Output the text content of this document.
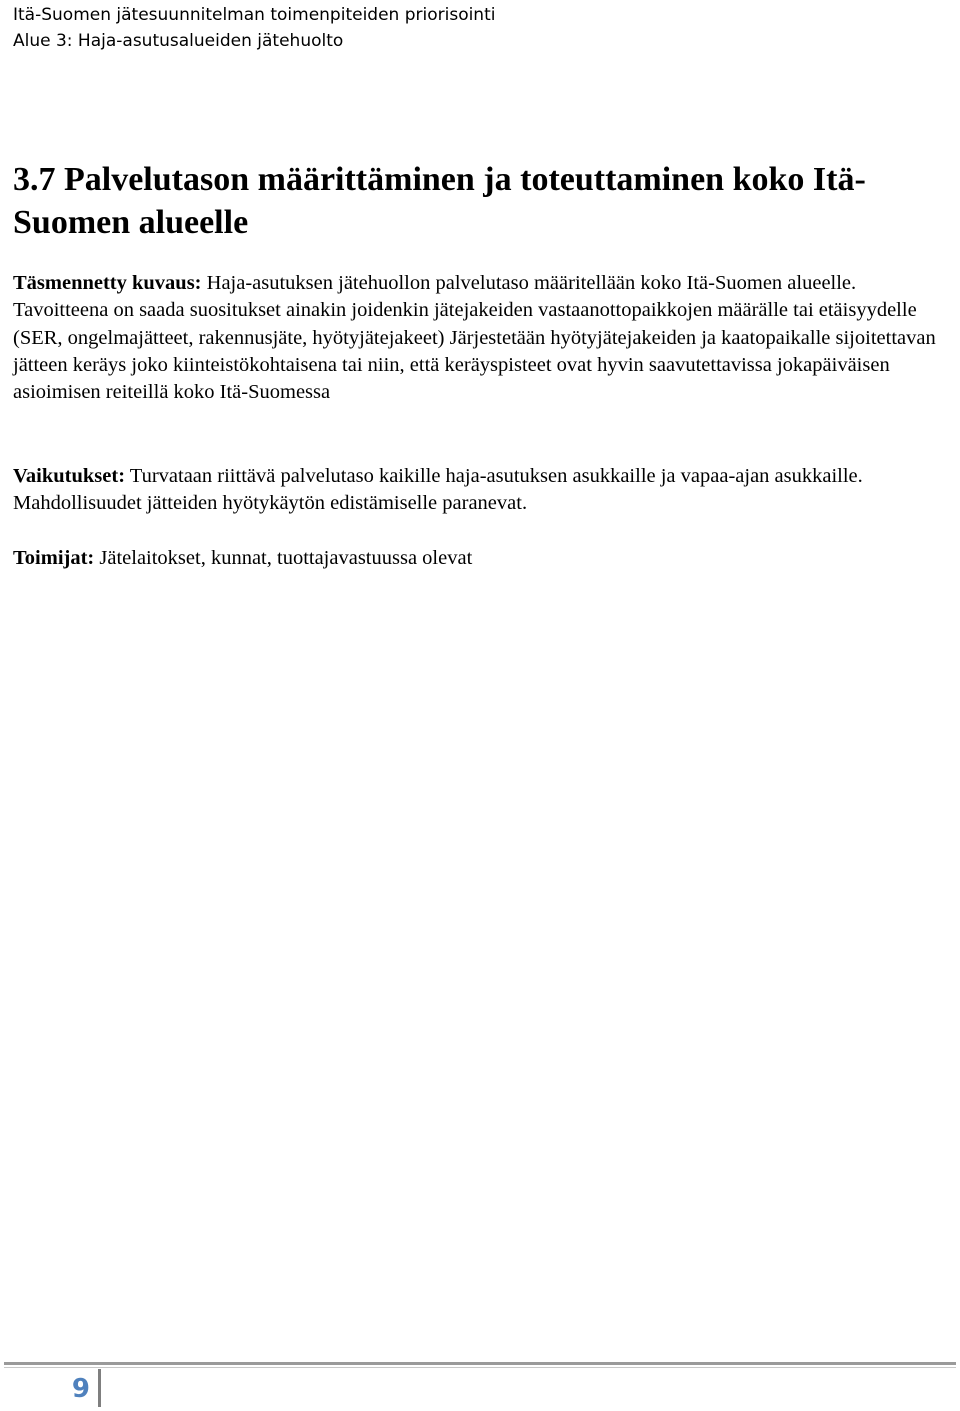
Itä-Suomen jätesuunnitelman toimenpiteiden priorisointi
Alue 3: Haja-asutusalueiden jätehuolto
3.7 Palvelutason määrittäminen ja toteuttaminen koko Itä-Suomen alueelle

Täsmennetty kuvaus: Haja-asutuksen jätehuollon palvelutaso määritellään koko Itä-Suomen alueelle. Tavoitteena on saada suositukset ainakin joidenkin jätejakeiden vastaanottopaikkojen määrälle tai etäisyydelle (SER, ongelmajätteet, rakennusjäte, hyötyjätejakeet) Järjestetään hyötyjätejakeiden ja kaatopaikalle sijoitettavan jätteen keräys joko kiinteistökohtaisena tai niin, että keräyspisteet ovat hyvin saavutettavissa jokapäiväisen asioimisen reiteillä koko Itä-Suomessa

Vaikutukset: Turvataan riittävä palvelutaso kaikille haja-asutuksen asukkaille ja vapaa-ajan asukkaille. Mahdollisuudet jätteiden hyötykäytön edistämiselle paranevat.

Toimijat: Jätelaitokset, kunnat, tuottajavastuussa olevat

9
